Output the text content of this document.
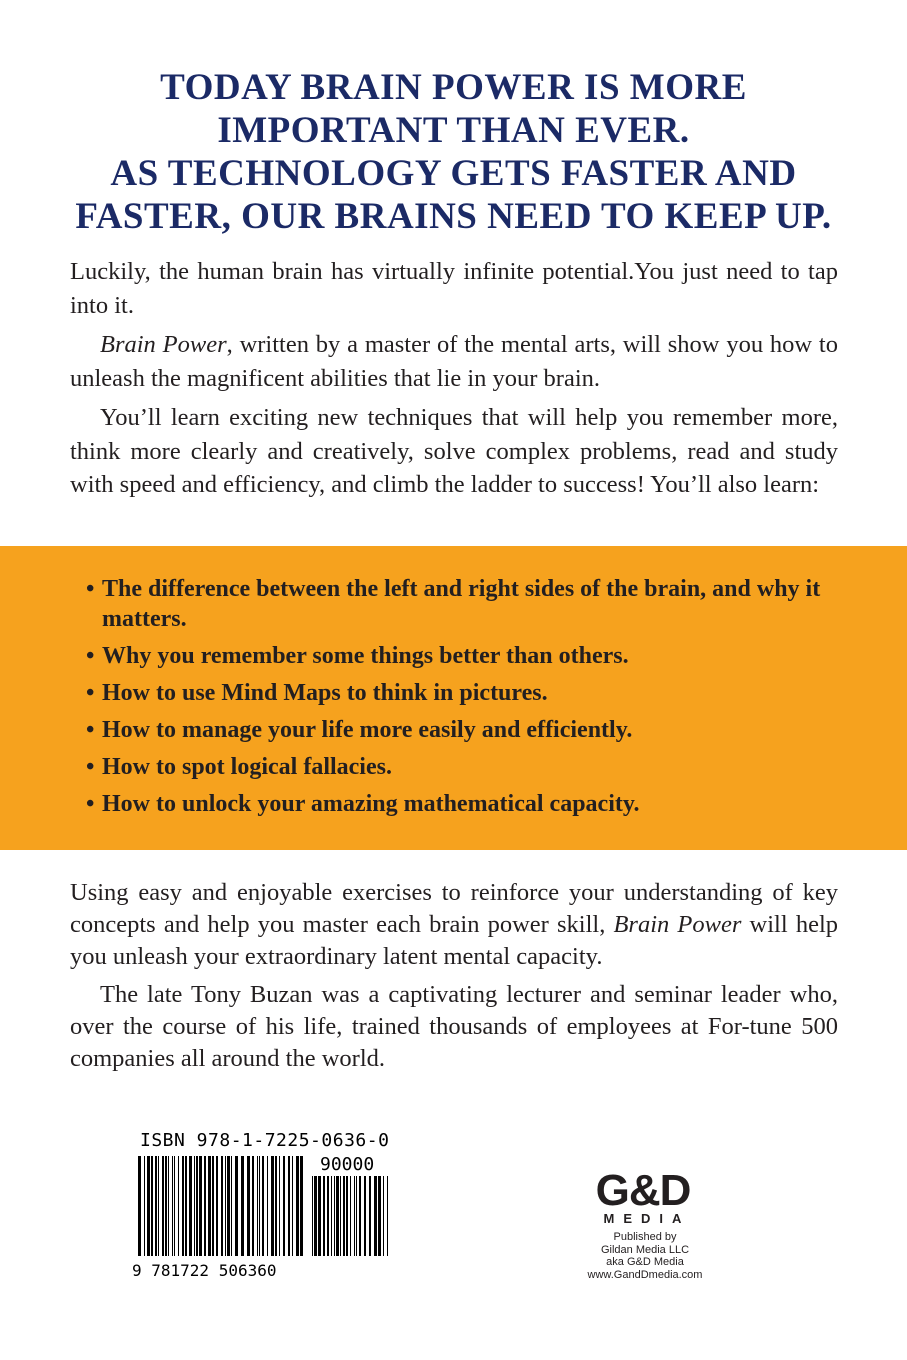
TODAY BRAIN POWER IS MORE
IMPORTANT THAN EVER.
AS TECHNOLOGY GETS FASTER AND
FASTER, OUR BRAINS NEED TO KEEP UP.

Luckily, the human brain has virtually infinite potential.You just need to tap into it.

Brain Power, written by a master of the mental arts, will show you how to unleash the magnificent abilities that lie in your brain.

You’ll learn exciting new techniques that will help you remember more, think more clearly and creatively, solve complex problems, read and study with speed and efficiency, and climb the ladder to success! You’ll also learn:

• The difference between the left and right sides of the brain, and why it matters.
• Why you remember some things better than others.
• How to use Mind Maps to think in pictures.
• How to manage your life more easily and efficiently.
• How to spot logical fallacies.
• How to unlock your amazing mathematical capacity.

Using easy and enjoyable exercises to reinforce your understanding of key concepts and help you master each brain power skill, Brain Power will help you unleash your extraordinary latent mental capacity.

The late Tony Buzan was a captivating lecturer and seminar leader who, over the course of his life, trained thousands of employees at For-tune 500 companies all around the world.

ISBN 978-1-7225-0636-0
90000
9 781722 506360
G&D
MEDIA
Published by
Gildan Media LLC
aka G&D Media
www.GandDmedia.com
